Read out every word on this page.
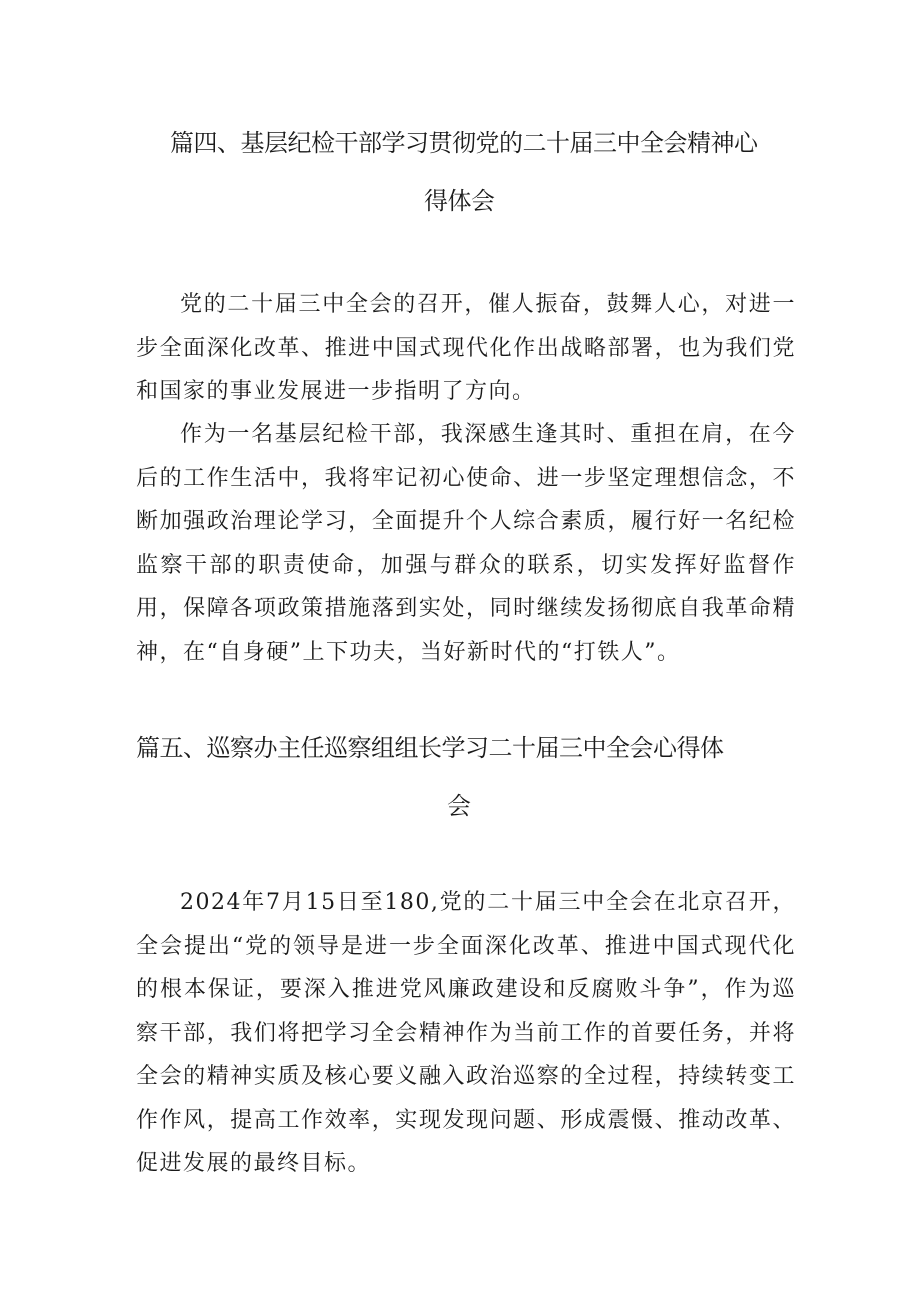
篇四、基层纪检干部学习贯彻党的二十届三中全会精神心
得体会

党的二十届三中全会的召开，催人振奋，鼓舞人心，对进一步全面深化改革、推进中国式现代化作出战略部署，也为我们党和国家的事业发展进一步指明了方向。

作为一名基层纪检干部，我深感生逢其时、重担在肩，在今后的工作生活中，我将牢记初心使命、进一步坚定理想信念，不断加强政治理论学习，全面提升个人综合素质，履行好一名纪检监察干部的职责使命，加强与群众的联系，切实发挥好监督作用，保障各项政策措施落到实处，同时继续发扬彻底自我革命精神，在“自身硬”上下功夫，当好新时代的“打铁人”。

篇五、巡察办主任巡察组组长学习二十届三中全会心得体
会

2024年7月15日至180,党的二十届三中全会在北京召开，全会提出“党的领导是进一步全面深化改革、推进中国式现代化的根本保证，要深入推进党风廉政建设和反腐败斗争”，作为巡察干部，我们将把学习全会精神作为当前工作的首要任务，并将全会的精神实质及核心要义融入政治巡察的全过程，持续转变工作作风，提高工作效率，实现发现问题、形成震慑、推动改革、促进发展的最终目标。
